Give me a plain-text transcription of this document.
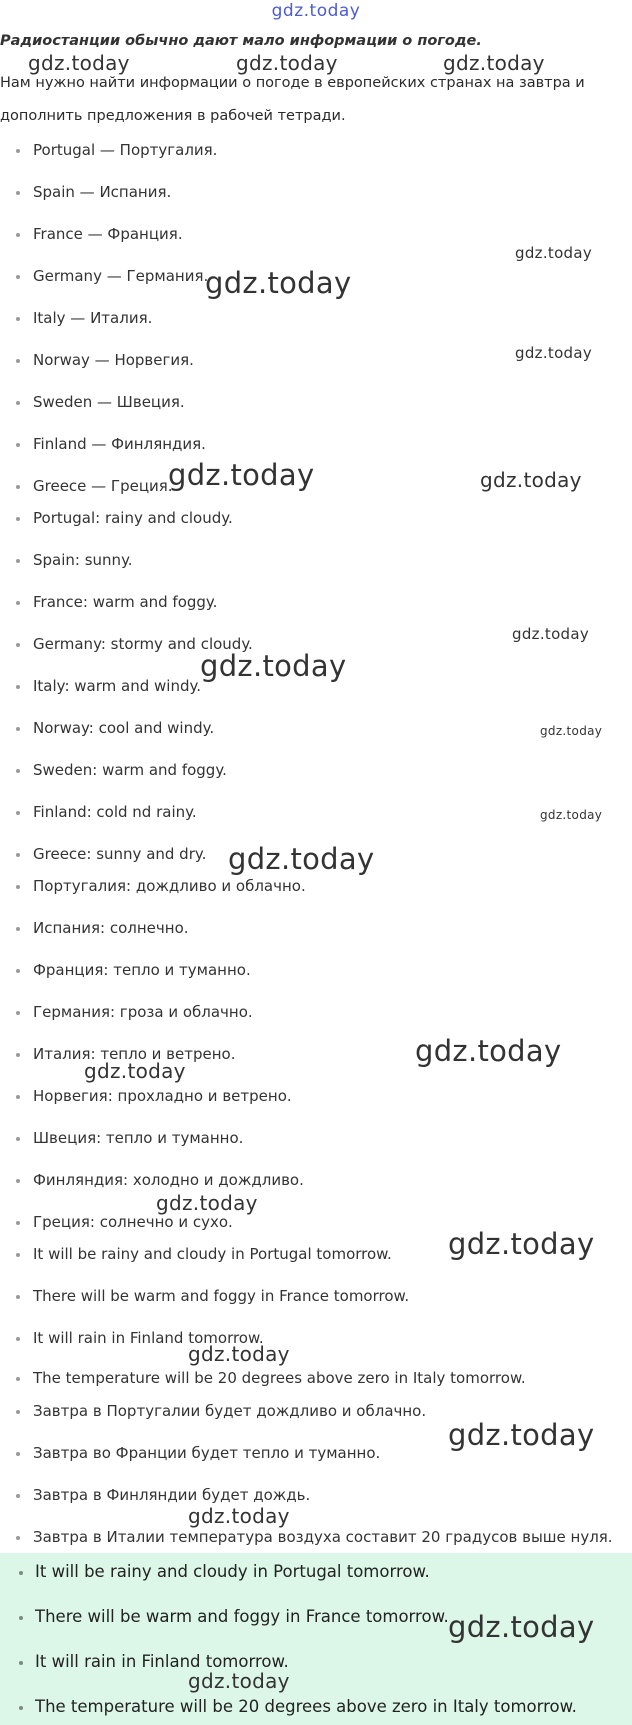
gdz.today
Радиостанции обычно дают мало информации о погоде.
Нам нужно найти информации о погоде в европейских странах на завтра и
дополнить предложения в рабочей тетради.
Portugal — Португалия.
Spain — Испания.
France — Франция.
Germany — Германия.
Italy — Италия.
Norway — Норвегия.
Sweden — Швеция.
Finland — Финляндия.
Greece — Греция.
Portugal: rainy and cloudy.
Spain: sunny.
France: warm and foggy.
Germany: stormy and cloudy.
Italy: warm and windy.
Norway: cool and windy.
Sweden: warm and foggy.
Finland: cold nd rainy.
Greece: sunny and dry.
Португалия: дождливо и облачно.
Испания: солнечно.
Франция: тепло и туманно.
Германия: гроза и облачно.
Италия: тепло и ветрено.
Норвегия: прохладно и ветрено.
Швеция: тепло и туманно.
Финляндия: холодно и дождливо.
Греция: солнечно и сухо.
It will be rainy and cloudy in Portugal tomorrow.
There will be warm and foggy in France tomorrow.
It will rain in Finland tomorrow.
The temperature will be 20 degrees above zero in Italy tomorrow.
Завтра в Португалии будет дождливо и облачно.
Завтра во Франции будет тепло и туманно.
Завтра в Финляндии будет дождь.
Завтра в Италии температура воздуха составит 20 градусов выше нуля.
It will be rainy and cloudy in Portugal tomorrow.
There will be warm and foggy in France tomorrow.
It will rain in Finland tomorrow.
The temperature will be 20 degrees above zero in Italy tomorrow.
gdz.today	gdz.today	gdz.today
gdz.today
gdz.today
gdz.today
gdz.today	gdz.today
gdz.today
gdz.today
gdz.today
gdz.today
gdz.today
gdz.today
gdz.today
gdz.today
gdz.today
gdz.today
gdz.today
gdz.today
gdz.today
gdz.today
